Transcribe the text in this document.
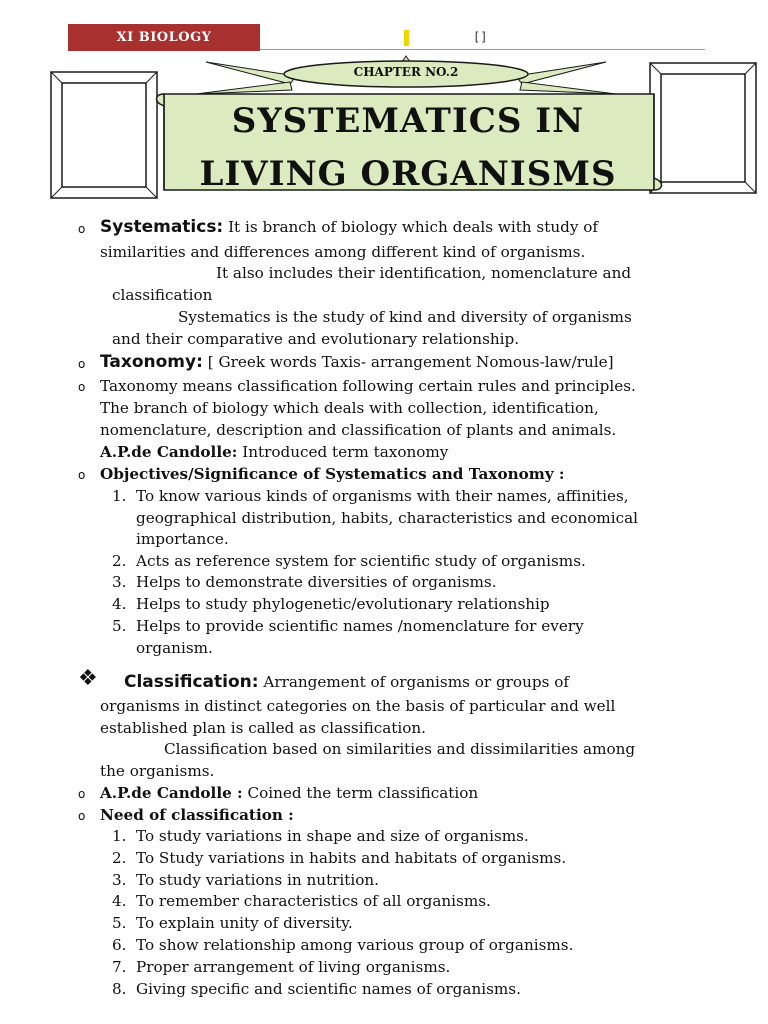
XI BIOLOGY	[]
CHAPTER NO.2
SYSTEMATICS IN
LIVING ORGANISMS
o Systematics: It is branch of biology which deals with study of
similarities and differences among different kind of organisms.
It also includes their identification, nomenclature and
classification
Systematics is the study of kind and diversity of organisms
and their comparative and evolutionary relationship.
o Taxonomy: [ Greek words Taxis- arrangement Nomous-law/rule]
o Taxonomy means classification following certain rules and principles.
The branch of biology which deals with collection, identification,
nomenclature, description and classification of plants and animals.
A.P.de Candolle: Introduced term taxonomy
o Objectives/Significance of Systematics and Taxonomy :
1. To know various kinds of organisms with their names, affinities,
geographical distribution, habits, characteristics and economical
importance.
2. Acts as reference system for scientific study of organisms.
3. Helps to demonstrate diversities of organisms.
4. Helps to study phylogenetic/evolutionary relationship
5. Helps to provide scientific names /nomenclature for every
organism.
❖ Classification: Arrangement of organisms or groups of
organisms in distinct categories on the basis of particular and well
established plan is called as classification.
Classification based on similarities and dissimilarities among
the organisms.
o A.P.de Candolle : Coined the term classification
o Need of classification :
1. To study variations in shape and size of organisms.
2. To Study variations in habits and habitats of organisms.
3. To study variations in nutrition.
4. To remember characteristics of all organisms.
5. To explain unity of diversity.
6. To show relationship among various group of organisms.
7. Proper arrangement of living organisms.
8. Giving specific and scientific names of organisms.
